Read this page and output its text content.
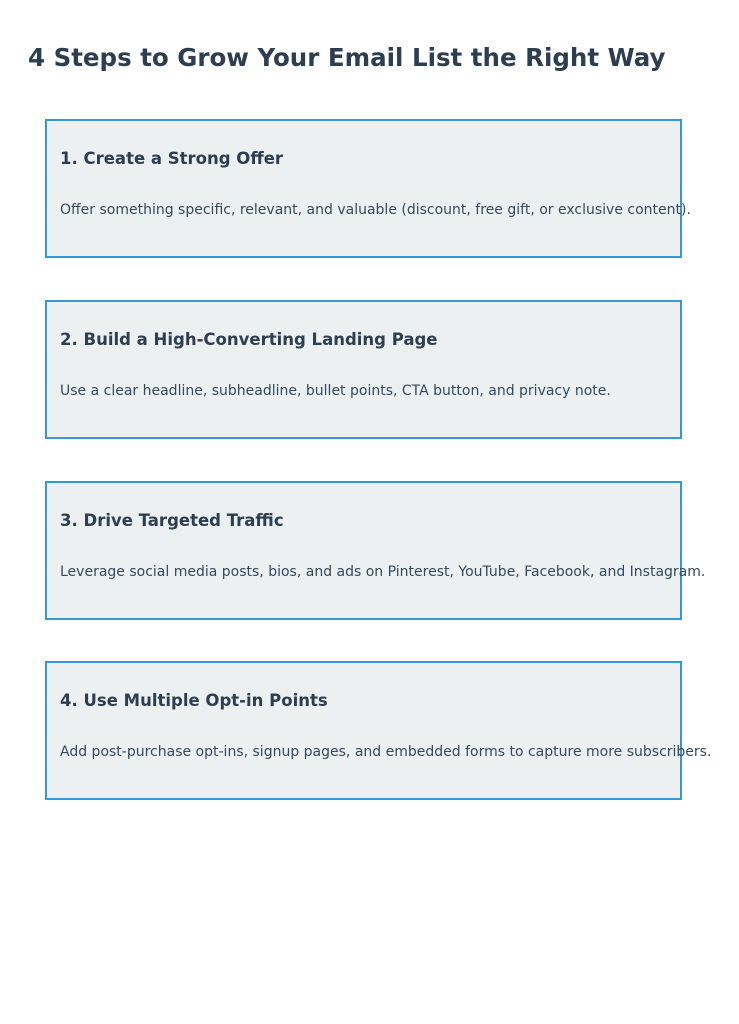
4 Steps to Grow Your Email List the Right Way
1. Create a Strong Offer

Offer something specific, relevant, and valuable (discount, free gift, or exclusive content).

2. Build a High-Converting Landing Page

Use a clear headline, subheadline, bullet points, CTA button, and privacy note.

3. Drive Targeted Traffic

Leverage social media posts, bios, and ads on Pinterest, YouTube, Facebook, and Instagram.

4. Use Multiple Opt-in Points

Add post-purchase opt-ins, signup pages, and embedded forms to capture more subscribers.
